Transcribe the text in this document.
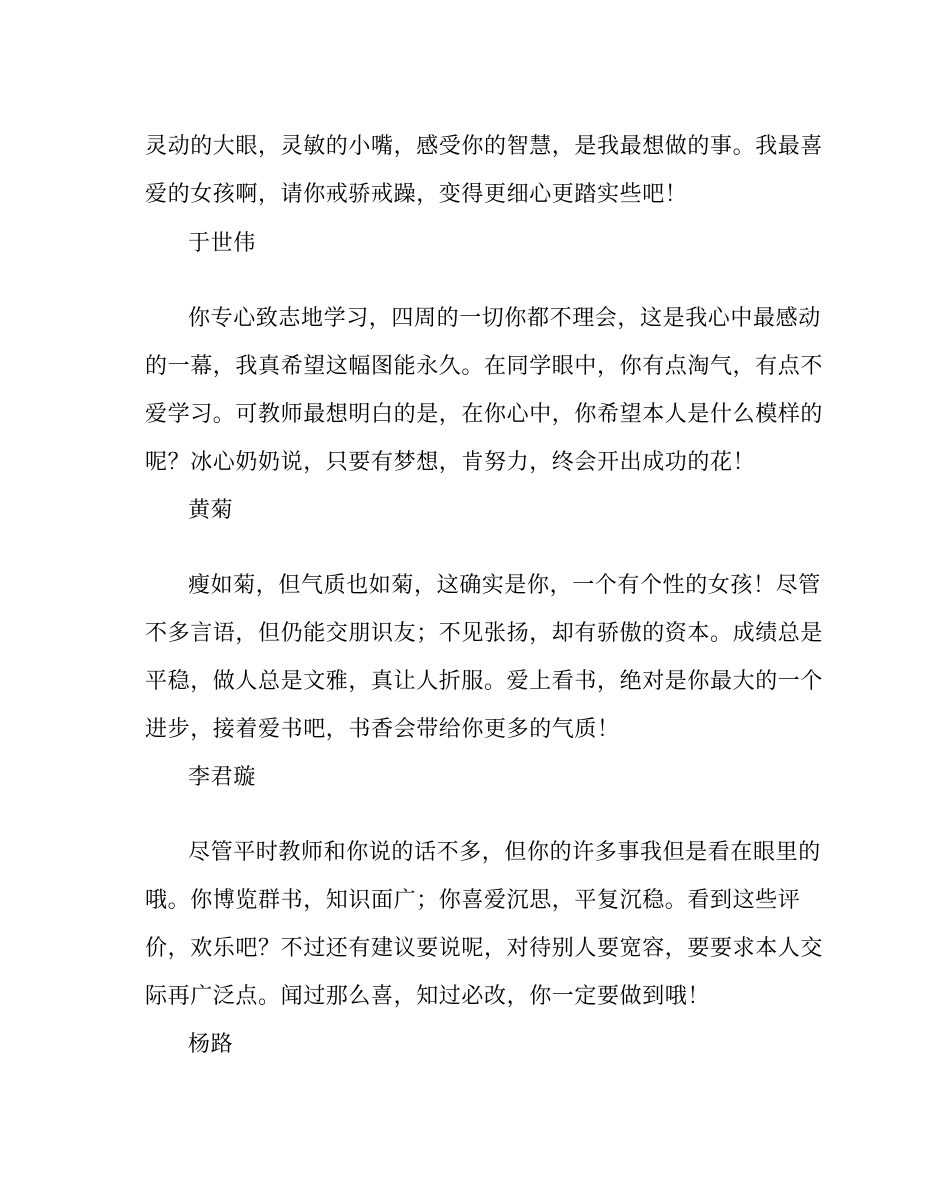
灵动的大眼，灵敏的小嘴，感受你的智慧，是我最想做的事。我最喜
爱的女孩啊，请你戒骄戒躁，变得更细心更踏实些吧！
于世伟
你专心致志地学习，四周的一切你都不理会，这是我心中最感动
的一幕，我真希望这幅图能永久。在同学眼中，你有点淘气，有点不
爱学习。可教师最想明白的是，在你心中，你希望本人是什么模样的
呢？冰心奶奶说，只要有梦想，肯努力，终会开出成功的花！
黄菊
瘦如菊，但气质也如菊，这确实是你，一个有个性的女孩！尽管
不多言语，但仍能交朋识友；不见张扬，却有骄傲的资本。成绩总是
平稳，做人总是文雅，真让人折服。爱上看书，绝对是你最大的一个
进步，接着爱书吧，书香会带给你更多的气质！
李君璇
尽管平时教师和你说的话不多，但你的许多事我但是看在眼里的
哦。你博览群书，知识面广；你喜爱沉思，平复沉稳。看到这些评
价，欢乐吧？不过还有建议要说呢，对待别人要宽容，要要求本人交
际再广泛点。闻过那么喜，知过必改，你一定要做到哦！
杨路
